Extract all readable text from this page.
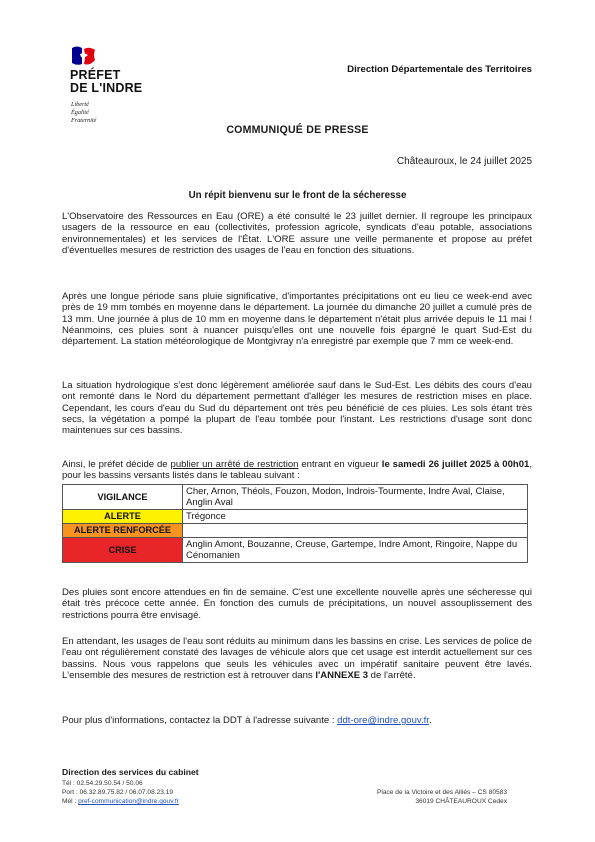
PRÉFET
DE L'INDRE
Liberté
Égalité
Fraternité
Direction Départementale des Territoires
COMMUNIQUÉ DE PRESSE
Châteauroux, le 24 juillet 2025
Un répit bienvenu sur le front de la sécheresse

L'Observatoire des Ressources en Eau (ORE) a été consulté le 23 juillet dernier. Il regroupe les principaux usagers de la ressource en eau (collectivités, profession agricole, syndicats d'eau potable, associations environnementales) et les services de l'État. L'ORE assure une veille permanente et propose au préfet d'éventuelles mesures de restriction des usages de l'eau en fonction des situations.

Après une longue période sans pluie significative, d'importantes précipitations ont eu lieu ce week-end avec près de 19 mm tombés en moyenne dans le département. La journée du dimanche 20 juillet a cumulé près de 13 mm. Une journée à plus de 10 mm en moyenne dans le département n'était plus arrivée depuis le 11 mai ! Néanmoins, ces pluies sont à nuancer puisqu'elles ont une nouvelle fois épargné le quart Sud-Est du département. La station météorologique de Montgivray n'a enregistré par exemple que 7 mm ce week-end.

La situation hydrologique s'est donc légèrement améliorée sauf dans le Sud-Est. Les débits des cours d'eau ont remonté dans le Nord du département permettant d'alléger les mesures de restriction mises en place. Cependant, les cours d'eau du Sud du département ont très peu bénéficié de ces pluies. Les sols étant très secs, la végétation a pompé la plupart de l'eau tombée pour l'instant. Les restrictions d'usage sont donc maintenues sur ces bassins.

Ainsi, le préfet décide de publier un arrêté de restriction entrant en vigueur le samedi 26 juillet 2025 à 00h01, pour les bassins versants listés dans le tableau suivant :

VIGILANCE	Cher, Arnon, Théols, Fouzon, Modon, Indrois-Tourmente, Indre Aval, Claise, Anglin Aval
ALERTE	Trégonce
ALERTE RENFORCÉE	
CRISE	Anglin Amont, Bouzanne, Creuse, Gartempe, Indre Amont, Ringoire, Nappe du Cénomanien

Des pluies sont encore attendues en fin de semaine. C'est une excellente nouvelle après une sécheresse qui était très précoce cette année. En fonction des cumuls de précipitations, un nouvel assouplissement des restrictions pourra être envisagé.

En attendant, les usages de l'eau sont réduits au minimum dans les bassins en crise. Les services de police de l'eau ont régulièrement constaté des lavages de véhicule alors que cet usage est interdit actuellement sur ces bassins. Nous vous rappelons que seuls les véhicules avec un impératif sanitaire peuvent être lavés. L'ensemble des mesures de restriction est à retrouver dans l'ANNEXE 3 de l'arrêté.

Pour plus d'informations, contactez la DDT à l'adresse suivante : ddt-ore@indre.gouv.fr.

Direction des services du cabinet
Tél : 02.54.29.50.54 / 50.06
Port : 06.32.89.75.82 / 06.07.08.23.19
Mél : pref-communication@indre.gouv.fr
Place de la Victoire et des Alliés – CS 80583
36019 CHÂTEAUROUX Cedex
